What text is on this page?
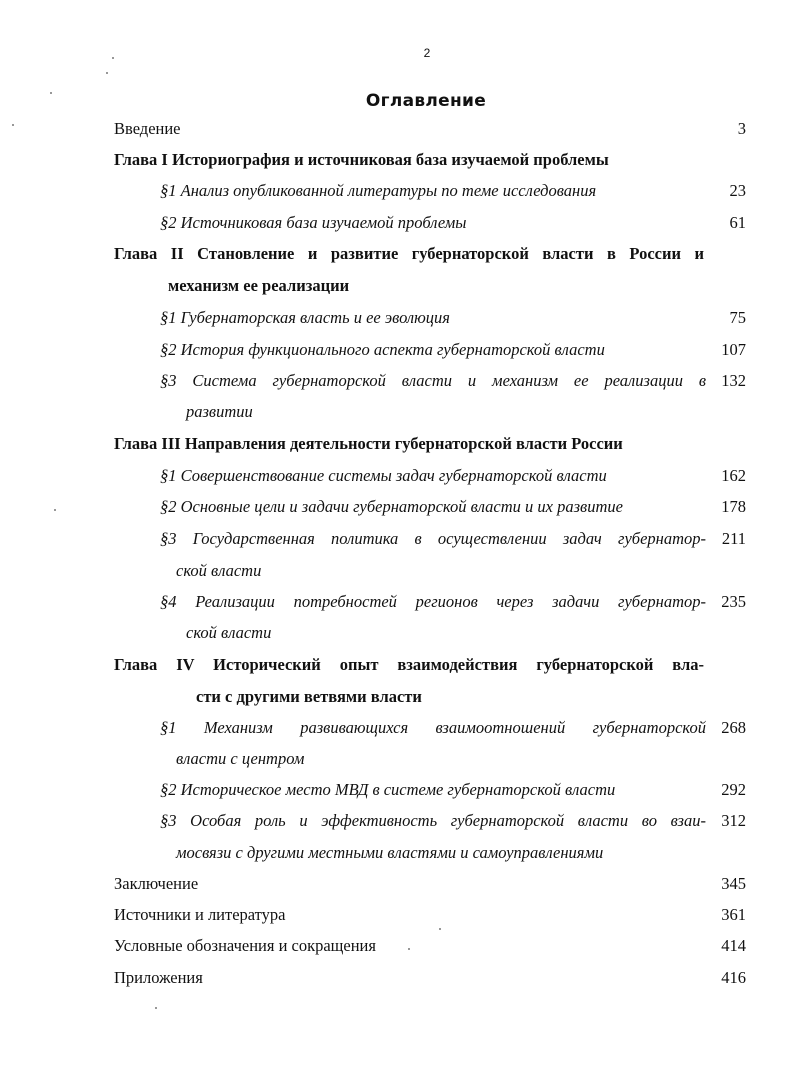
2
Оглавление
Введение	3
Глава I Историография и источниковая база изучаемой проблемы
§1 Анализ опубликованной литературы по теме исследования	23
§2 Источниковая база изучаемой проблемы	61
Глава II Становление и развитие губернаторской власти в России и
механизм ее реализации
§1 Губернаторская власть и ее эволюция	75
§2 История функционального аспекта губернаторской власти	107
§3 Система губернаторской власти и механизм ее реализации в 132
развитии
Глава III Направления деятельности губернаторской власти России
§1 Совершенствование системы задач губернаторской власти	162
§2 Основные цели и задачи губернаторской власти и их развитие	178
§3 Государственная политика в осуществлении задач губернатор- 211
ской власти
§4 Реализации потребностей регионов через задачи губернатор- 235
ской власти
Глава IV Исторический опыт взаимодействия губернаторской вла-
сти с другими ветвями власти
§1 Механизм развивающихся взаимоотношений губернаторской 268
власти с центром
§2 Историческое место МВД в системе губернаторской власти	292
§3 Особая роль и эффективность губернаторской власти во взаи- 312
мосвязи с другими местными властями и самоуправлениями
Заключение	345
Источники и литература	361
Условные обозначения и сокращения	414
Приложения	416
